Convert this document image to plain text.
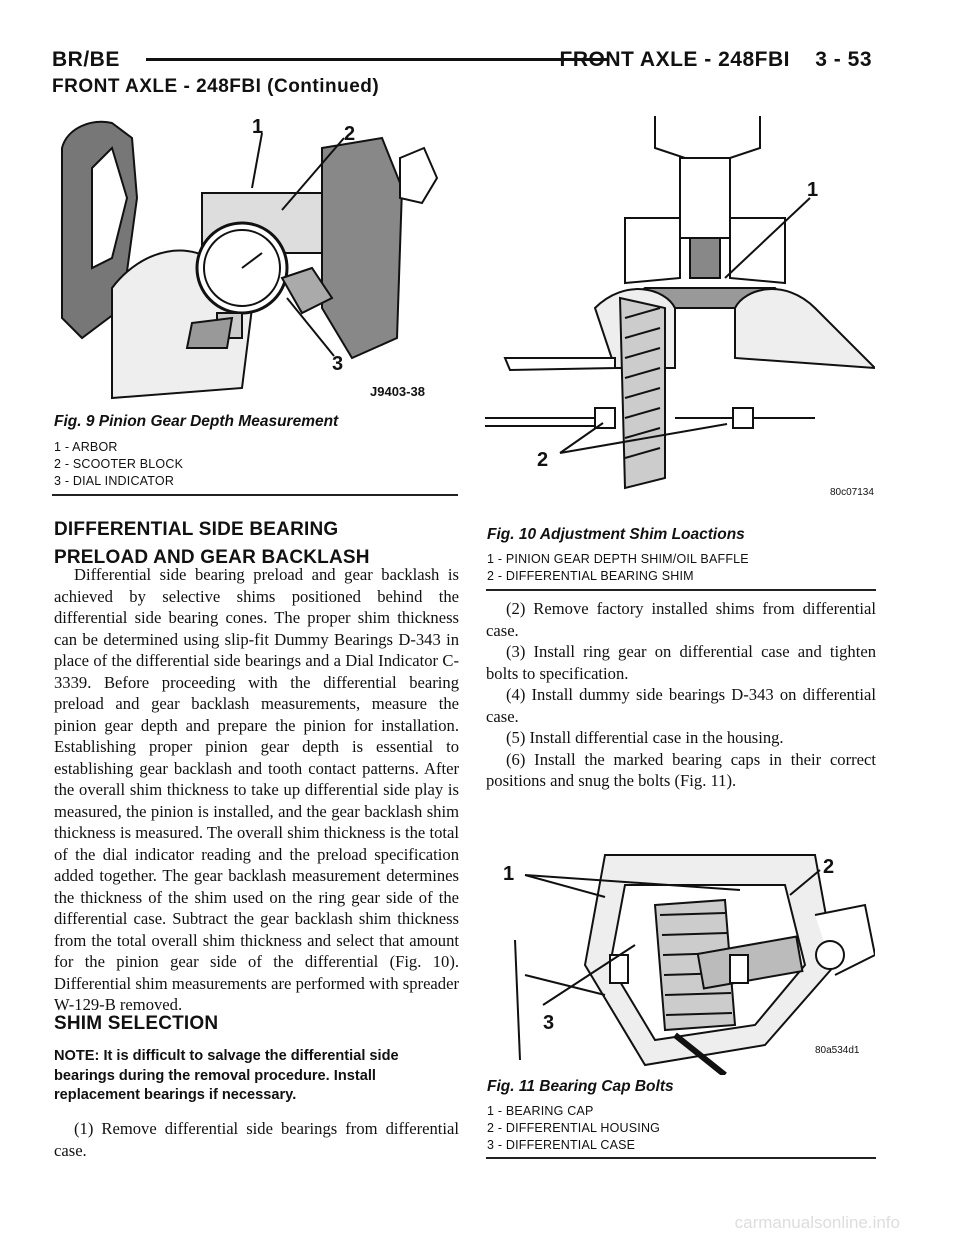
BR/BE	FRONT AXLE - 248FBI    3 - 53
FRONT AXLE - 248FBI (Continued)
1	2
3
J9403-38
Fig. 9 Pinion Gear Depth Measurement
1 - ARBOR
2 - SCOOTER BLOCK
3 - DIAL INDICATOR
1
2
80c07134
Fig. 10 Adjustment Shim Loactions
1 - PINION GEAR DEPTH SHIM/OIL BAFFLE
2 - DIFFERENTIAL BEARING SHIM
DIFFERENTIAL SIDE BEARING PRELOAD AND GEAR BACKLASH
Differential side bearing preload and gear backlash is achieved by selective shims positioned behind the differential side bearing cones. The proper shim thickness can be determined using slip-fit Dummy Bearings D-343 in place of the differential side bearings and a Dial Indicator C-3339. Before proceeding with the differential bearing preload and gear backlash measurements, measure the pinion gear depth and prepare the pinion for installation. Establishing proper pinion gear depth is essential to establishing gear backlash and tooth contact patterns. After the overall shim thickness to take up differential side play is measured, the pinion is installed, and the gear backlash shim thickness is measured. The overall shim thickness is the total of the dial indicator reading and the preload specification added together. The gear backlash measurement determines the thickness of the shim used on the ring gear side of the differential case. Subtract the gear backlash shim thickness from the total overall shim thickness and select that amount for the pinion gear side of the differential (Fig. 10). Differential shim measurements are performed with spreader W-129-B removed.
SHIM SELECTION
NOTE: It is difficult to salvage the differential side bearings during the removal procedure. Install replacement bearings if necessary.
(1) Remove differential side bearings from differential case.

(2) Remove factory installed shims from differential case.

(3) Install ring gear on differential case and tighten bolts to specification.

(4) Install dummy side bearings D-343 on differential case.

(5) Install differential case in the housing.

(6) Install the marked bearing caps in their correct positions and snug the bolts (Fig. 11).

1	2
3
80a534d1
Fig. 11 Bearing Cap Bolts
1 - BEARING CAP
2 - DIFFERENTIAL HOUSING
3 - DIFFERENTIAL CASE
carmanualsonline.info
